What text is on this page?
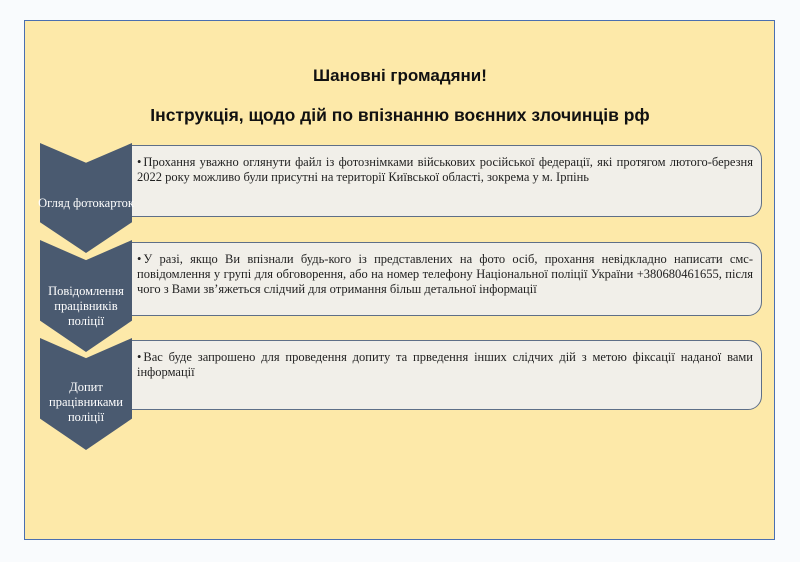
Шановні громадяни!
Інструкція, щодо дій по впізнанню воєнних злочинців рф
• Прохання уважно оглянути файл із фотознімками військових російської федерації, які протягом лютого-березня 2022 року можливо були присутні на території Київської області, зокрема у м. Ірпінь
Огляд фотокарток
• У разі, якщо Ви впізнали будь-кого із представлених на фото осіб, прохання невідкладно написати смс-повідомлення у групі для обговорення, або на номер телефону Національної поліції України +380680461655, після чого з Вами зв’яжеться слідчий для отримання більш детальної інформації
Повідомлення працівників поліції
• Вас буде запрошено для проведення допиту та прведення інших слідчих дій з метою фіксації наданої вами інформації
Допит працівниками поліції
